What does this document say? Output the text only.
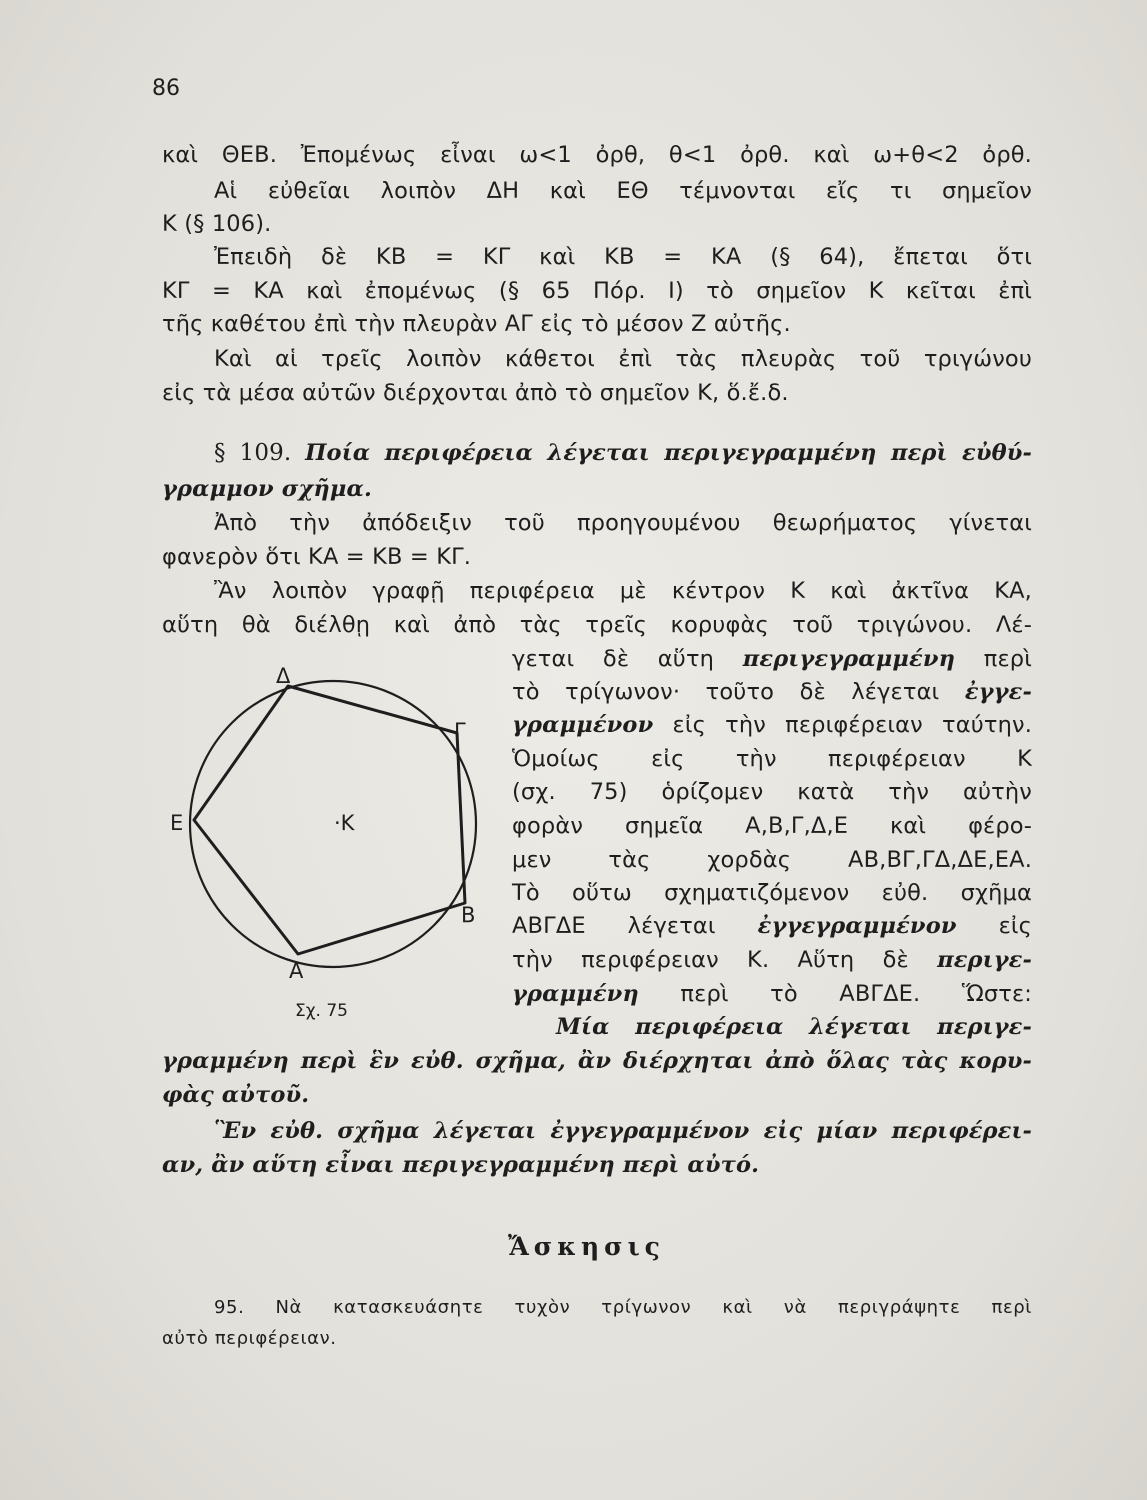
86
καὶ ΘΕΒ. Ἐπομένως εἶναι ω<1 ὀρθ, θ<1 ὀρθ. καὶ ω+θ<2 ὀρθ.
Αἱ εὐθεῖαι λοιπὸν ΔΗ καὶ ΕΘ τέμνονται εἴς τι σημεῖον
Κ (§ 106).
Ἐπειδὴ δὲ ΚΒ = ΚΓ καὶ ΚΒ = ΚΑ (§ 64), ἔπεται ὅτι
ΚΓ = ΚΑ καὶ ἐπομένως (§ 65 Πόρ. Ι) τὸ σημεῖον Κ κεῖται ἐπὶ
τῆς καθέτου ἐπὶ τὴν πλευρὰν ΑΓ εἰς τὸ μέσον Ζ αὐτῆς.
Καὶ αἱ τρεῖς λοιπὸν κάθετοι ἐπὶ τὰς πλευρὰς τοῦ τριγώνου
εἰς τὰ μέσα αὐτῶν διέρχονται ἀπὸ τὸ σημεῖον Κ, ὅ.ἔ.δ.
§ 109. Ποία περιφέρεια λέγεται περιγεγραμμένη περὶ εὐθύ-
γραμμον σχῆμα.
Ἀπὸ τὴν ἀπόδειξιν τοῦ προηγουμένου θεωρήματος γίνεται
φανερὸν ὅτι ΚΑ = ΚΒ = ΚΓ.
Ἂν λοιπὸν γραφῇ περιφέρεια μὲ κέντρον Κ καὶ ἀκτῖνα ΚΑ,
αὕτη θὰ διέλθῃ καὶ ἀπὸ τὰς τρεῖς κορυφὰς τοῦ τριγώνου. Λέ-
γεται δὲ αὕτη περιγεγραμμένη περὶ
τὸ τρίγωνον· τοῦτο δὲ λέγεται ἐγγε-
γραμμένον εἰς τὴν περιφέρειαν ταύτην.
Ὁμοίως εἰς τὴν περιφέρειαν Κ
(σχ. 75) ὁρίζομεν κατὰ τὴν αὐτὴν
φορὰν σημεῖα Α,Β,Γ,Δ,Ε καὶ φέρο-
μεν τὰς χορδὰς ΑΒ,ΒΓ,ΓΔ,ΔΕ,ΕΑ.
Τὸ οὕτω σχηματιζόμενον εὐθ. σχῆμα
ΑΒΓΔΕ λέγεται ἐγγεγραμμένον εἰς
τὴν περιφέρειαν Κ. Αὕτη δὲ περιγε-
γραμμένη περὶ τὸ ΑΒΓΔΕ. Ὥστε:
Μία περιφέρεια λέγεται περιγε-
γραμμένη περὶ ἓν εὐθ. σχῆμα, ἂν διέρχηται ἀπὸ ὅλας τὰς κορυ-
φὰς αὐτοῦ.
Ἓν εὐθ. σχῆμα λέγεται ἐγγεγραμμένον εἰς μίαν περιφέρει-
αν, ἂν αὕτη εἶναι περιγεγραμμένη περὶ αὐτό.
Ἄσκησις
95. Νὰ κατασκευάσητε τυχὸν τρίγωνον καὶ νὰ περιγράψητε περὶ
αὐτὸ περιφέρειαν.
Δ
Γ
Ε	·Κ
Β
Α
Σχ. 75
